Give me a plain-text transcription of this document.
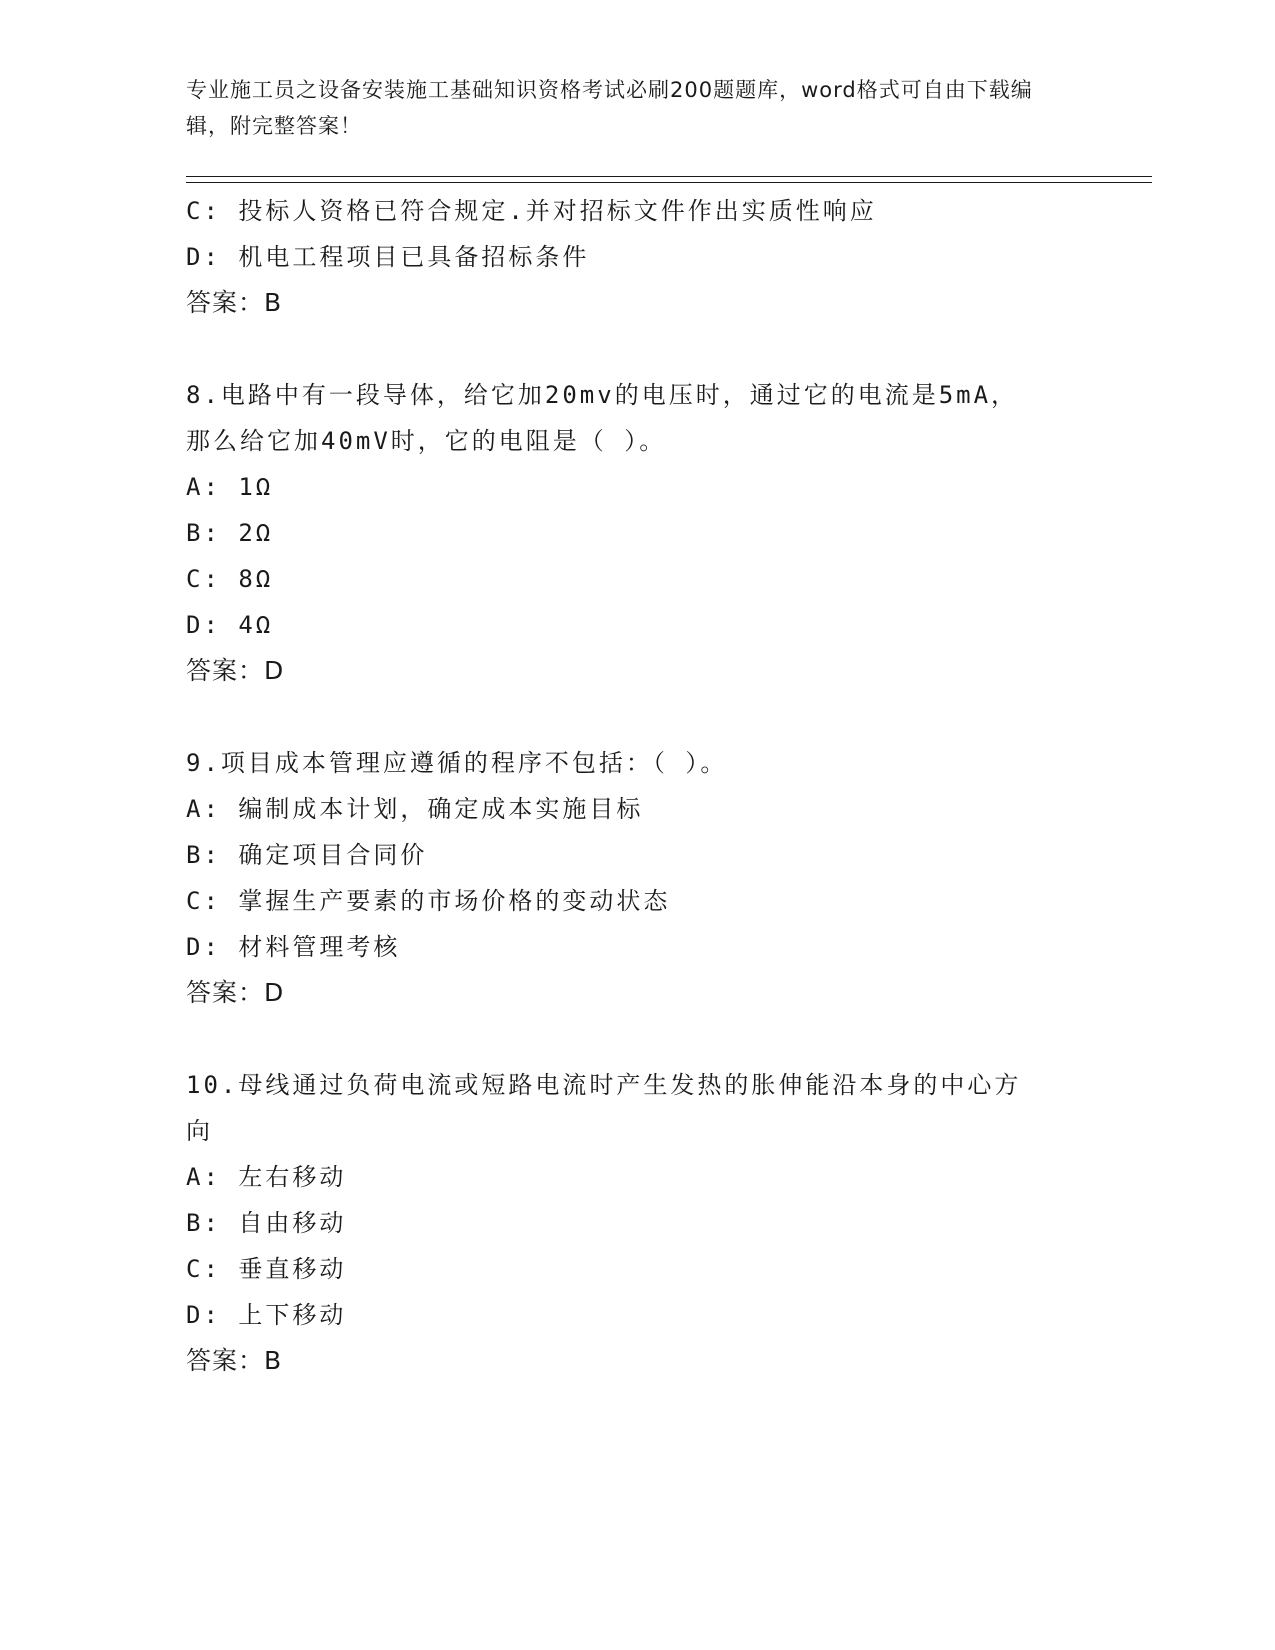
专业施工员之设备安装施工基础知识资格考试必刷200题题库，word格式可自由下载编辑，附完整答案！
C: 投标人资格已符合规定.并对招标文件作出实质性响应
D: 机电工程项目已具备招标条件
答案：B
8.电路中有一段导体，给它加20mv的电压时，通过它的电流是5mA，
那么给它加40mV时，它的电阻是（ ）。
A: 1Ω
B: 2Ω
C: 8Ω
D: 4Ω
答案：D
9.项目成本管理应遵循的程序不包括：（ ）。
A: 编制成本计划，确定成本实施目标
B: 确定项目合同价
C: 掌握生产要素的市场价格的变动状态
D: 材料管理考核
答案：D
10.母线通过负荷电流或短路电流时产生发热的胀伸能沿本身的中心方
向
A: 左右移动
B: 自由移动
C: 垂直移动
D: 上下移动
答案：B
